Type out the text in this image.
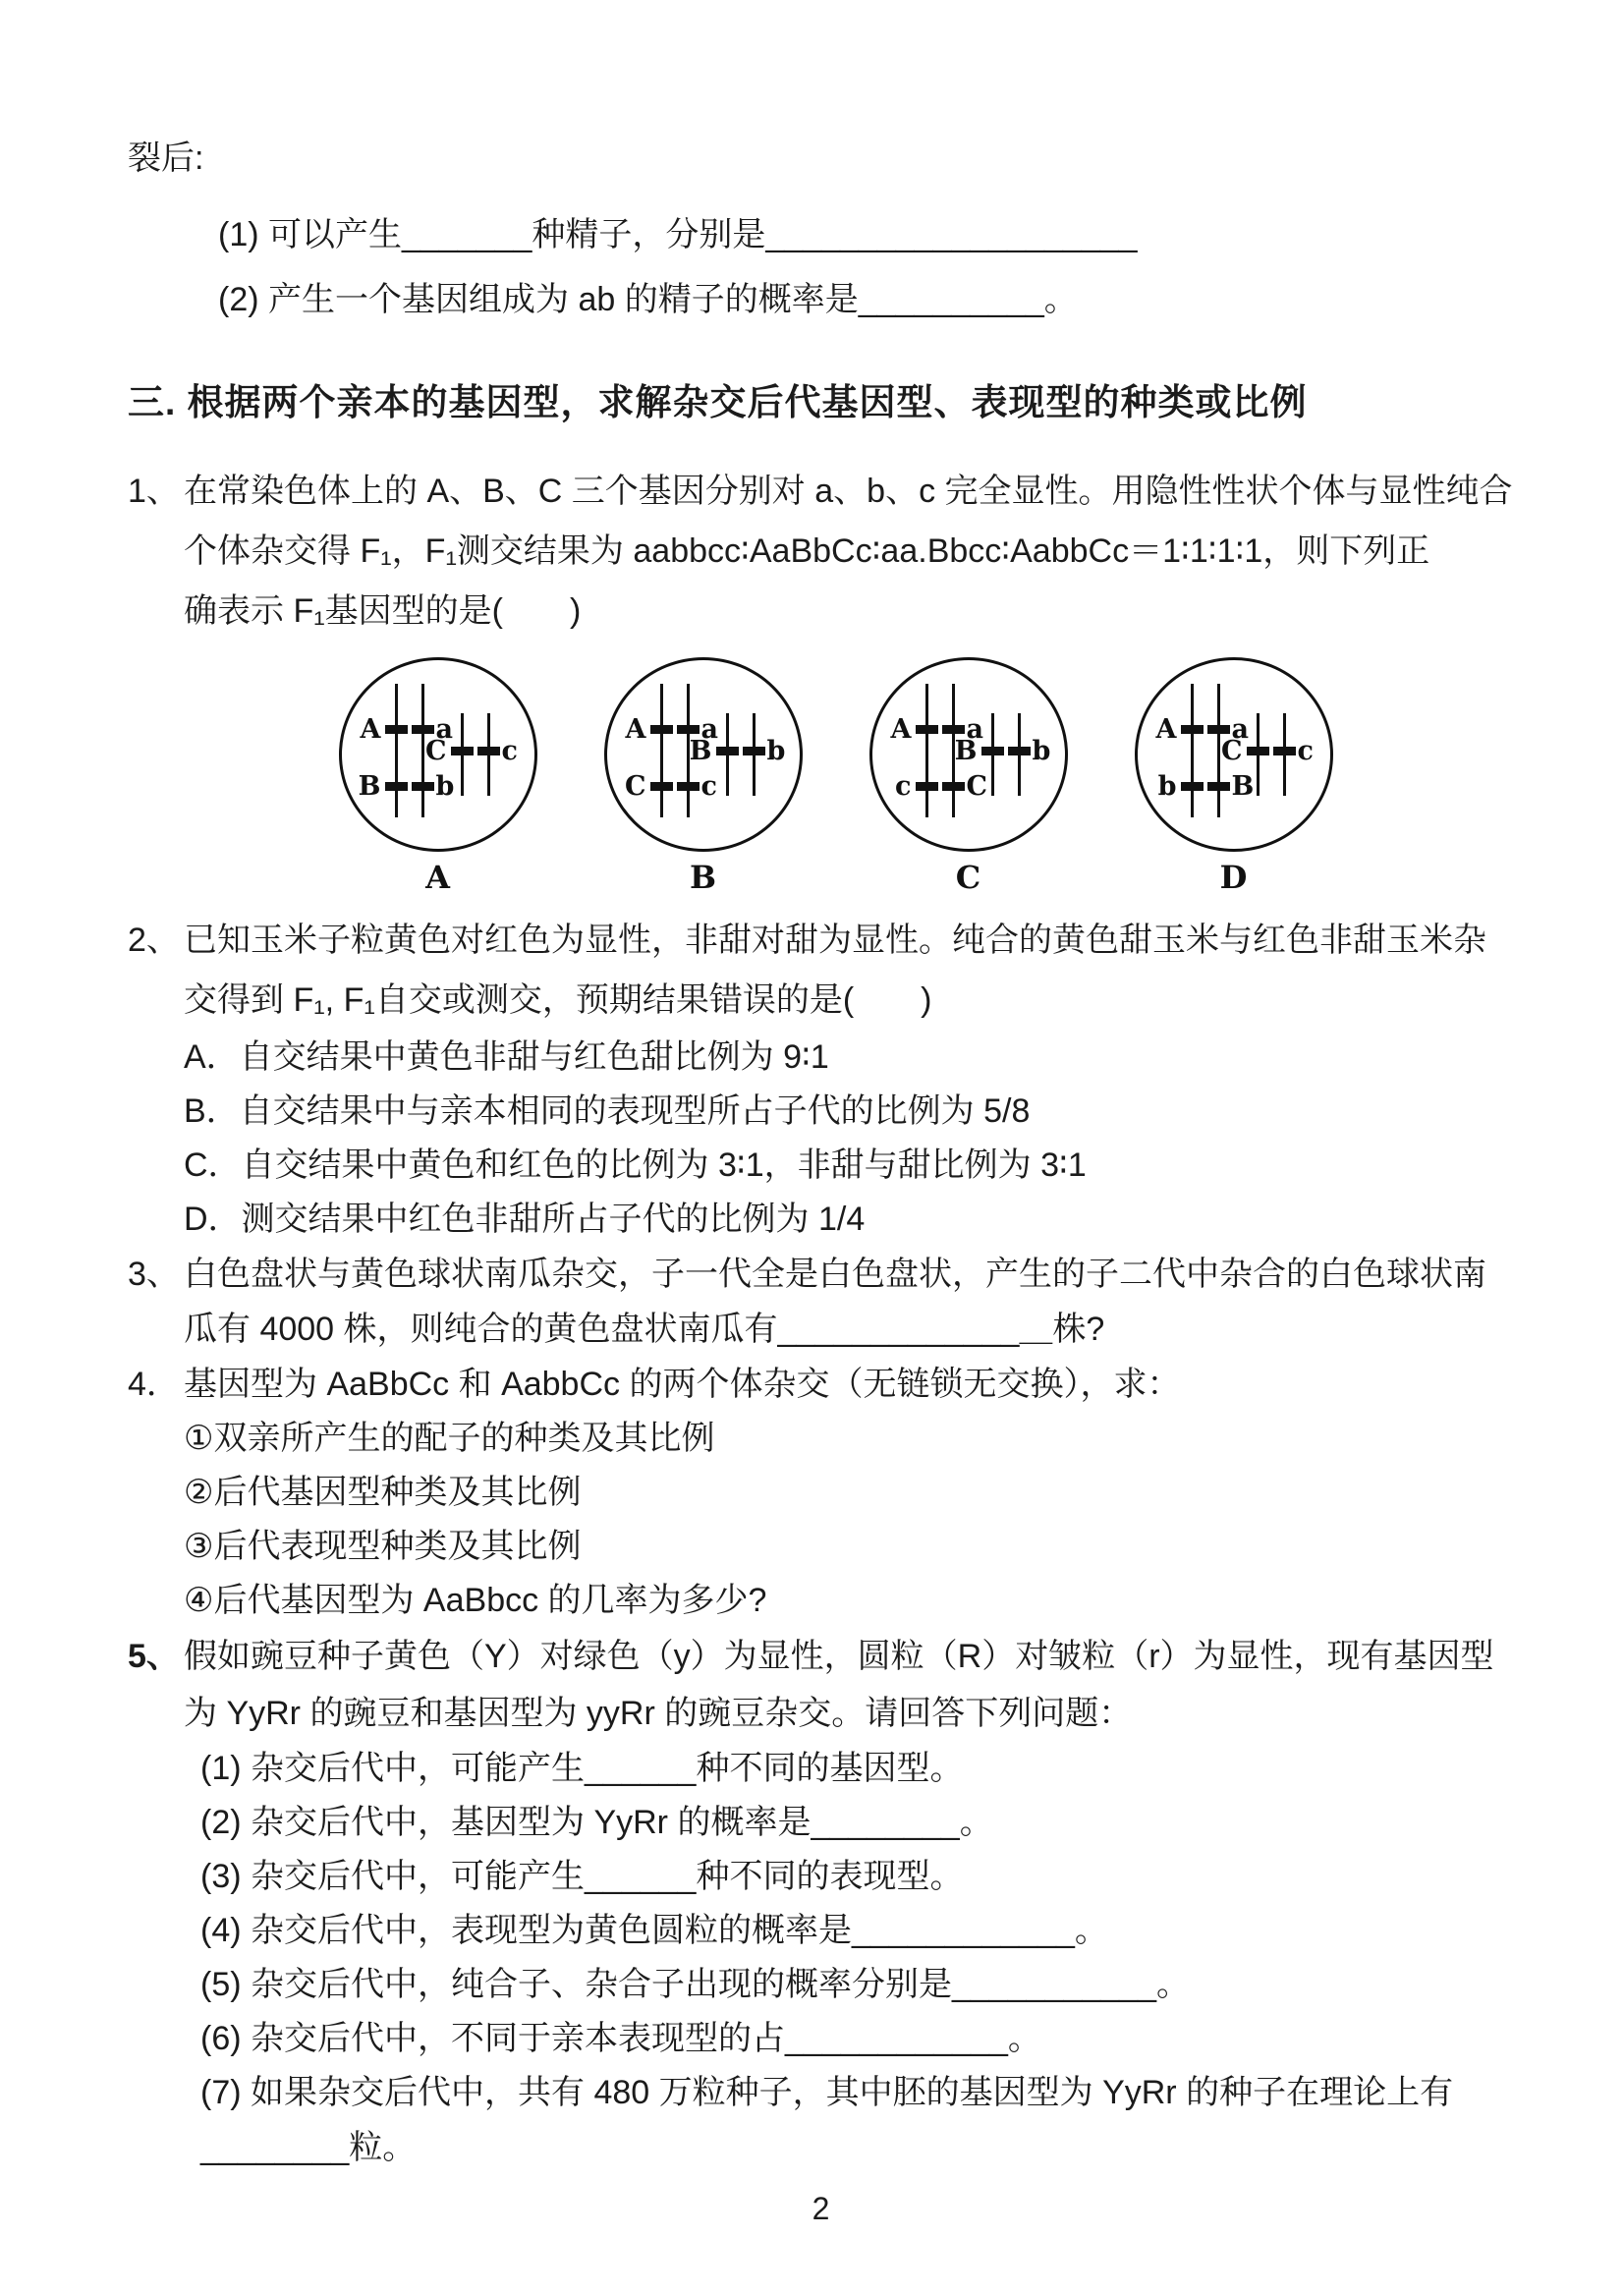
裂后:
(1) 可以产生_______种精子，分别是____________________
(2) 产生一个基因组成为 ab 的精子的概率是__________。
三. 根据两个亲本的基因型，求解杂交后代基因型、表现型的种类或比例
1、 在常染色体上的 A、B、C 三个基因分别对 a、b、c 完全显性。用隐性性状个体与显性纯合
个体杂交得 F₁，F₁测交结果为 aabbcc∶AaBbCc∶aa.Bbcc∶AabbCc＝1∶1∶1∶1，则下列正
确表示 F₁基因型的是(　　)
A a
B b
C c
A
A a
C c
B b
B
A a
c C
B b
C
A a
b B
C c
D
2、 已知玉米子粒黄色对红色为显性，非甜对甜为显性。纯合的黄色甜玉米与红色非甜玉米杂
交得到 F₁, F₁自交或测交，预期结果错误的是(　　)
A．自交结果中黄色非甜与红色甜比例为 9∶1
B．自交结果中与亲本相同的表现型所占子代的比例为 5/8
C．自交结果中黄色和红色的比例为 3∶1，非甜与甜比例为 3∶1
D．测交结果中红色非甜所占子代的比例为 1/4
3、 白色盘状与黄色球状南瓜杂交，子一代全是白色盘状，产生的子二代中杂合的白色球状南
瓜有 4000 株，则纯合的黄色盘状南瓜有_____________＿株?
4． 基因型为 AaBbCc 和 AabbCc 的两个体杂交（无链锁无交换），求：
①双亲所产生的配子的种类及其比例
②后代基因型种类及其比例
③后代表现型种类及其比例
④后代基因型为 AaBbcc 的几率为多少?
5、 假如豌豆种子黄色（Y）对绿色（y）为显性，圆粒（R）对皱粒（r）为显性，现有基因型
为 YyRr 的豌豆和基因型为 yyRr 的豌豆杂交。请回答下列问题：
(1) 杂交后代中，可能产生______种不同的基因型。
(2) 杂交后代中，基因型为 YyRr 的概率是________。
(3) 杂交后代中，可能产生______种不同的表现型。
(4) 杂交后代中，表现型为黄色圆粒的概率是____________。
(5) 杂交后代中，纯合子、杂合子出现的概率分别是___________。
(6) 杂交后代中，不同于亲本表现型的占____________。
(7) 如果杂交后代中，共有 480 万粒种子，其中胚的基因型为 YyRr 的种子在理论上有
________粒。
2
